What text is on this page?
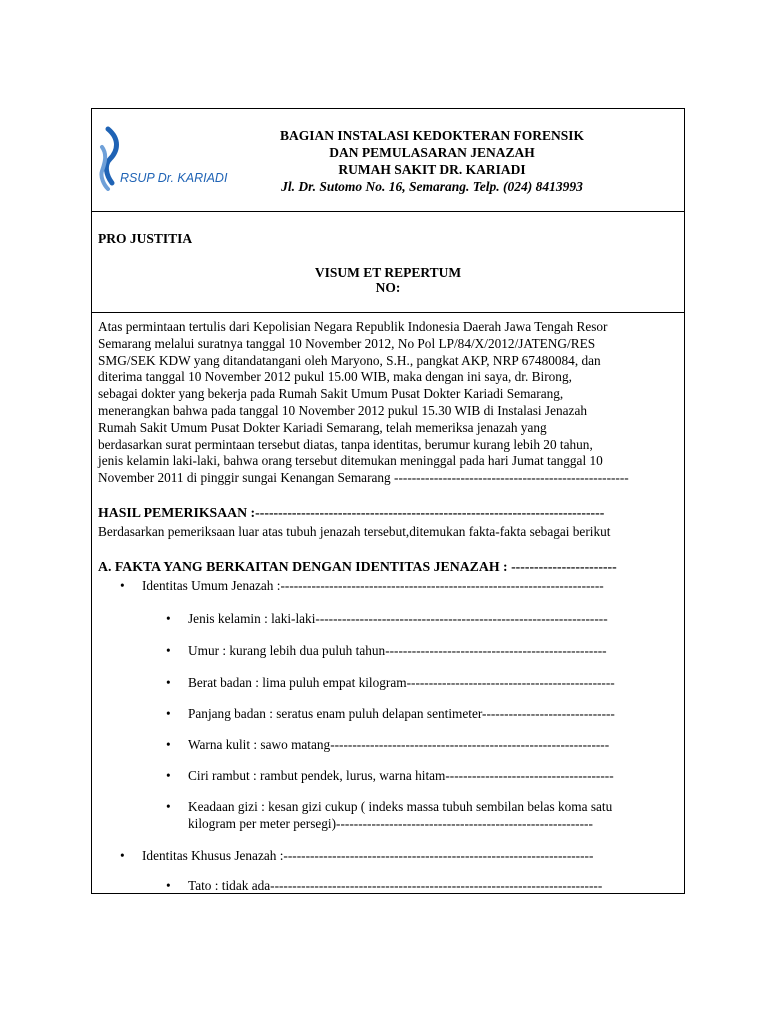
RSUP Dr. KARIADI
BAGIAN INSTALASI KEDOKTERAN FORENSIK
DAN PEMULASARAN JENAZAH
RUMAH SAKIT DR. KARIADI
Jl. Dr. Sutomo No. 16, Semarang. Telp. (024) 8413993
PRO JUSTITIA
VISUM ET REPERTUM
NO:
Atas permintaan tertulis dari Kepolisian Negara Republik Indonesia Daerah Jawa Tengah Resor
Semarang melalui suratnya tanggal 10 November 2012, No Pol LP/84/X/2012/JATENG/RES
SMG/SEK KDW yang ditandatangani oleh Maryono, S.H., pangkat AKP, NRP 67480084, dan
diterima tanggal 10 November 2012 pukul 15.00 WIB, maka dengan ini saya, dr. Birong,
sebagai dokter yang bekerja pada Rumah Sakit Umum Pusat Dokter Kariadi Semarang,
menerangkan bahwa pada tanggal 10 November 2012 pukul 15.30 WIB di Instalasi Jenazah
Rumah Sakit Umum Pusat Dokter Kariadi Semarang, telah memeriksa jenazah yang
berdasarkan surat permintaan tersebut diatas, tanpa identitas, berumur kurang lebih 20 tahun,
jenis kelamin laki-laki, bahwa orang tersebut ditemukan meninggal pada hari Jumat tanggal 10
November 2011 di pinggir sungai Kenangan Semarang -----------------------------------------------------
HASIL PEMERIKSAAN :----------------------------------------------------------------------------
Berdasarkan pemeriksaan luar atas tubuh jenazah tersebut,ditemukan fakta-fakta sebagai berikut
A. FAKTA YANG BERKAITAN DENGAN IDENTITAS JENAZAH : -----------------------
• Identitas Umum Jenazah :-------------------------------------------------------------------------
• Jenis kelamin : laki-laki------------------------------------------------------------------
• Umur : kurang lebih dua puluh tahun--------------------------------------------------
• Berat badan : lima puluh empat kilogram-----------------------------------------------
• Panjang badan : seratus enam puluh delapan sentimeter------------------------------
• Warna kulit : sawo matang---------------------------------------------------------------
• Ciri rambut : rambut pendek, lurus, warna hitam--------------------------------------
• Keadaan gizi : kesan gizi cukup ( indeks massa tubuh sembilan belas koma satu
kilogram per meter persegi)----------------------------------------------------------
• Identitas Khusus Jenazah :----------------------------------------------------------------------
• Tato : tidak ada---------------------------------------------------------------------------
